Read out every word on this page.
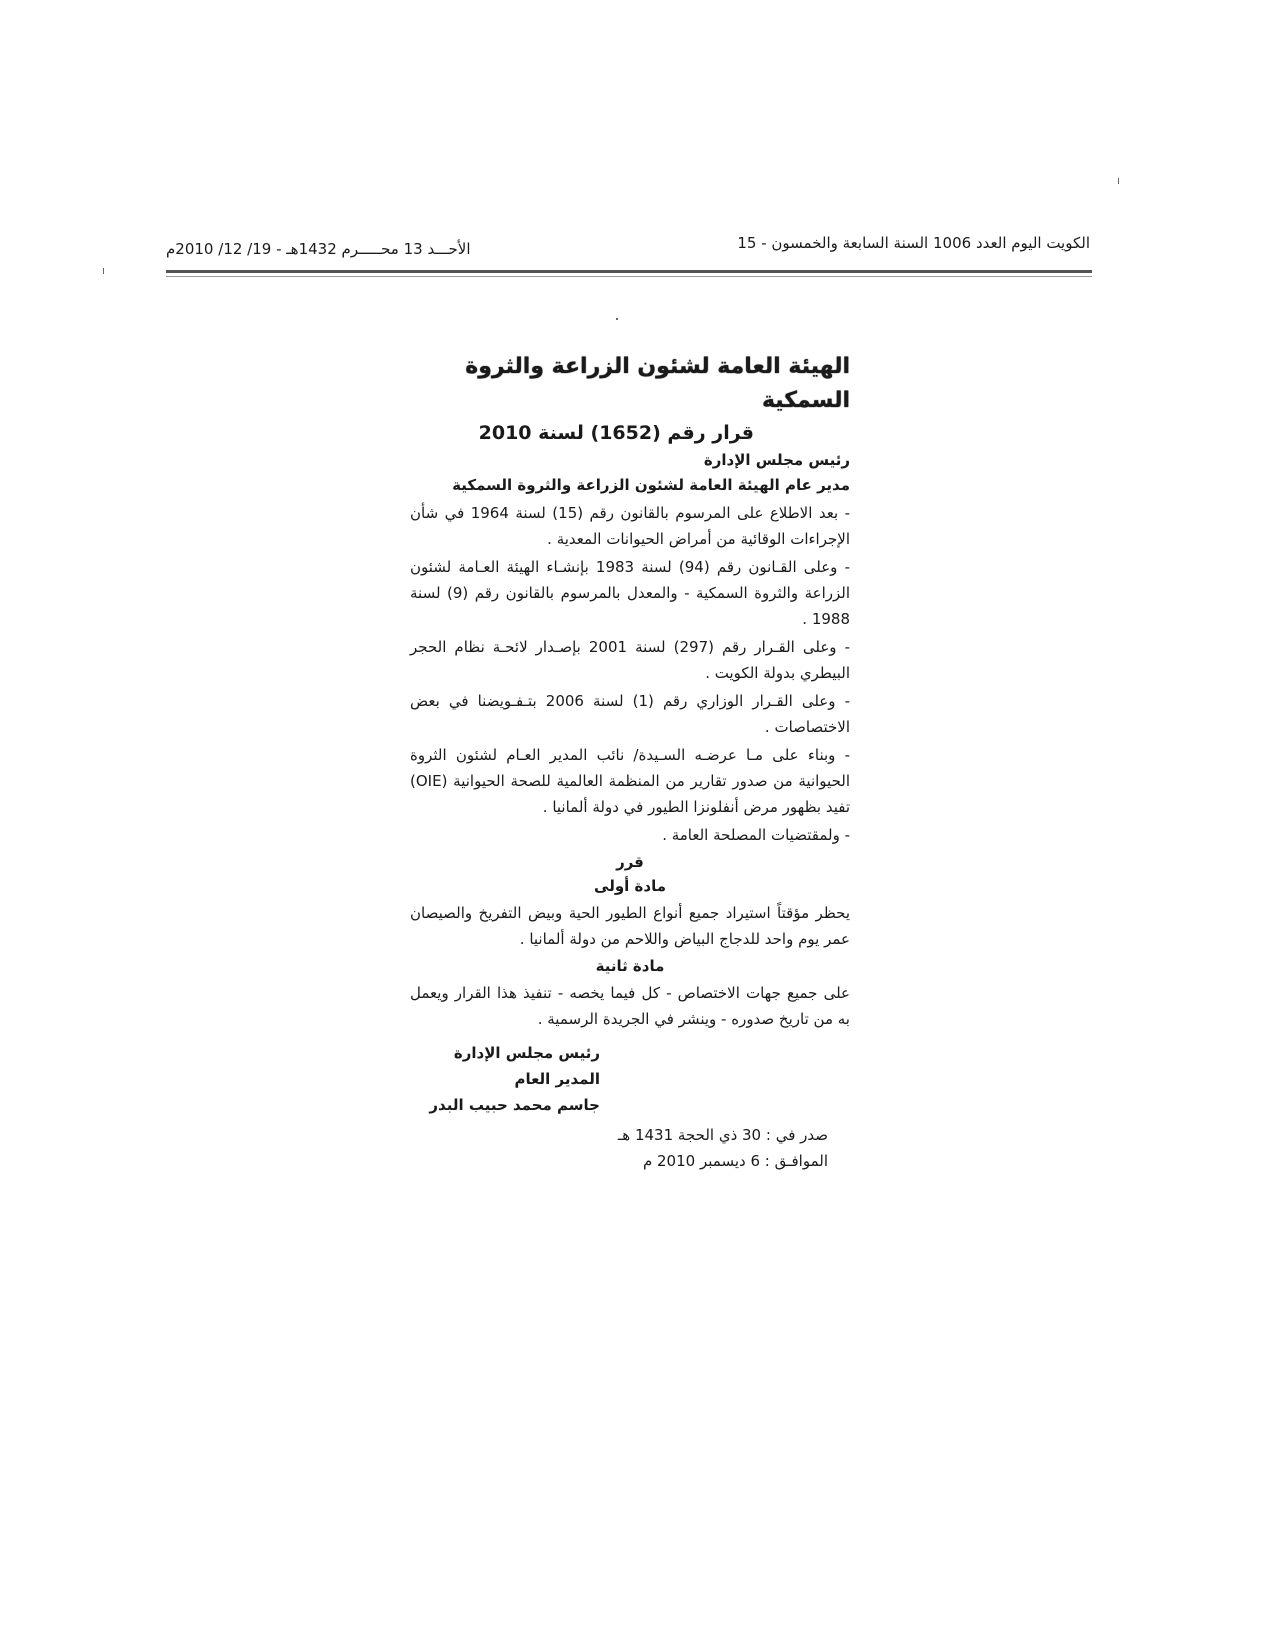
الكويت اليوم العدد 1006 السنة السابعة والخمسون - 15
الأحـــد 13 محـــــرم 1432هـ - 19/ 12/ 2010م
الهيئة العامة لشئون الزراعة والثروة السمكية
قرار رقم (1652) لسنة 2010
رئيس مجلس الإدارة
مدير عام الهيئة العامة لشئون الزراعة والثروة السمكية
- بعد الاطلاع على المرسوم بالقانون رقم (15) لسنة 1964 في شأن الإجراءات الوقائية من أمراض الحيوانات المعدية .
- وعلى القـانون رقم (94) لسنة 1983 بإنشـاء الهيئة العـامة لشئون الزراعة والثروة السمكية - والمعدل بالمرسوم بالقانون رقم (9) لسنة 1988 .
- وعلى القـرار رقم (297) لسنة 2001 بإصـدار لائحـة نظام الحجر البيطري بدولة الكويت .
- وعلى القـرار الوزاري رقم (1) لسنة 2006 بتـفـويضنا في بعض الاختصاصات .
- وبناء على مـا عرضـه السـيدة/ نائب المدير العـام لشئون الثروة الحيوانية من صدور تقارير من المنظمة العالمية للصحة الحيوانية (OIE) تفيد بظهور مرض أنفلونزا الطيور في دولة ألمانيا .
- ولمقتضيات المصلحة العامة .
قرر
مادة أولى
يحظر مؤقتاً استيراد جميع أنواع الطيور الحية وبيض التفريخ والصيصان عمر يوم واحد للدجاج البياض واللاحم من دولة ألمانيا .
مادة ثانية
على جميع جهات الاختصاص - كل فيما يخصه - تنفيذ هذا القرار ويعمل به من تاريخ صدوره - وينشر في الجريدة الرسمية .
رئيس مجلس الإدارة
المدير العام
جاسم محمد حبيب البدر
صدر في : 30 ذي الحجة 1431 هـ
الموافـق : 6 ديسمبر 2010 م
